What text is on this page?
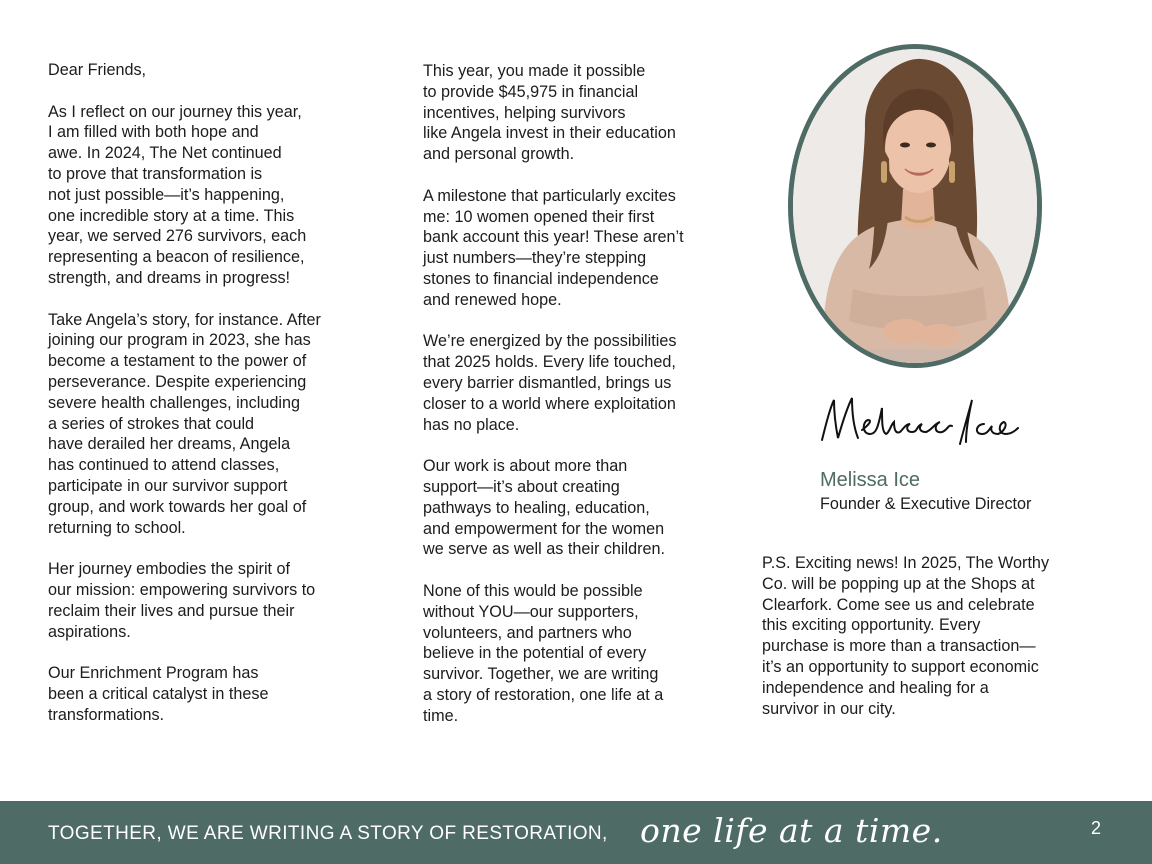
Dear Friends,
As I reflect on our journey this year,
I am filled with both hope and
awe. In 2024, The Net continued
to prove that transformation is
not just possible—it’s happening,
one incredible story at a time. This
year, we served 276 survivors, each
representing a beacon of resilience,
strength, and dreams in progress!
Take Angela’s story, for instance. After
joining our program in 2023, she has
become a testament to the power of
perseverance. Despite experiencing
severe health challenges, including
a series of strokes that could
have derailed her dreams, Angela
has continued to attend classes,
participate in our survivor support
group, and work towards her goal of
returning to school.
Her journey embodies the spirit of
our mission: empowering survivors to
reclaim their lives and pursue their
aspirations.
Our Enrichment Program has
been a critical catalyst in these
transformations.
This year, you made it possible
to provide $45,975 in financial
incentives, helping survivors
like Angela invest in their education
and personal growth.
A milestone that particularly excites
me: 10 women opened their first
bank account this year! These aren’t
just numbers—they’re stepping
stones to financial independence
and renewed hope.
We’re energized by the possibilities
that 2025 holds. Every life touched,
every barrier dismantled, brings us
closer to a world where exploitation
has no place.
Our work is about more than
support—it’s about creating
pathways to healing, education,
and empowerment for the women
we serve as well as their children.
None of this would be possible
without YOU—our supporters,
volunteers, and partners who
believe in the potential of every
survivor. Together, we are writing
a story of restoration, one life at a
time.
Melissa Ice
Founder & Executive Director
P.S. Exciting news! In 2025, The Worthy
Co. will be popping up at the Shops at
Clearfork. Come see us and celebrate
this exciting opportunity. Every
purchase is more than a transaction—
it’s an opportunity to support economic
independence and healing for a
survivor in our city.
TOGETHER, WE ARE WRITING A STORY OF RESTORATION, one life at a time.	2
